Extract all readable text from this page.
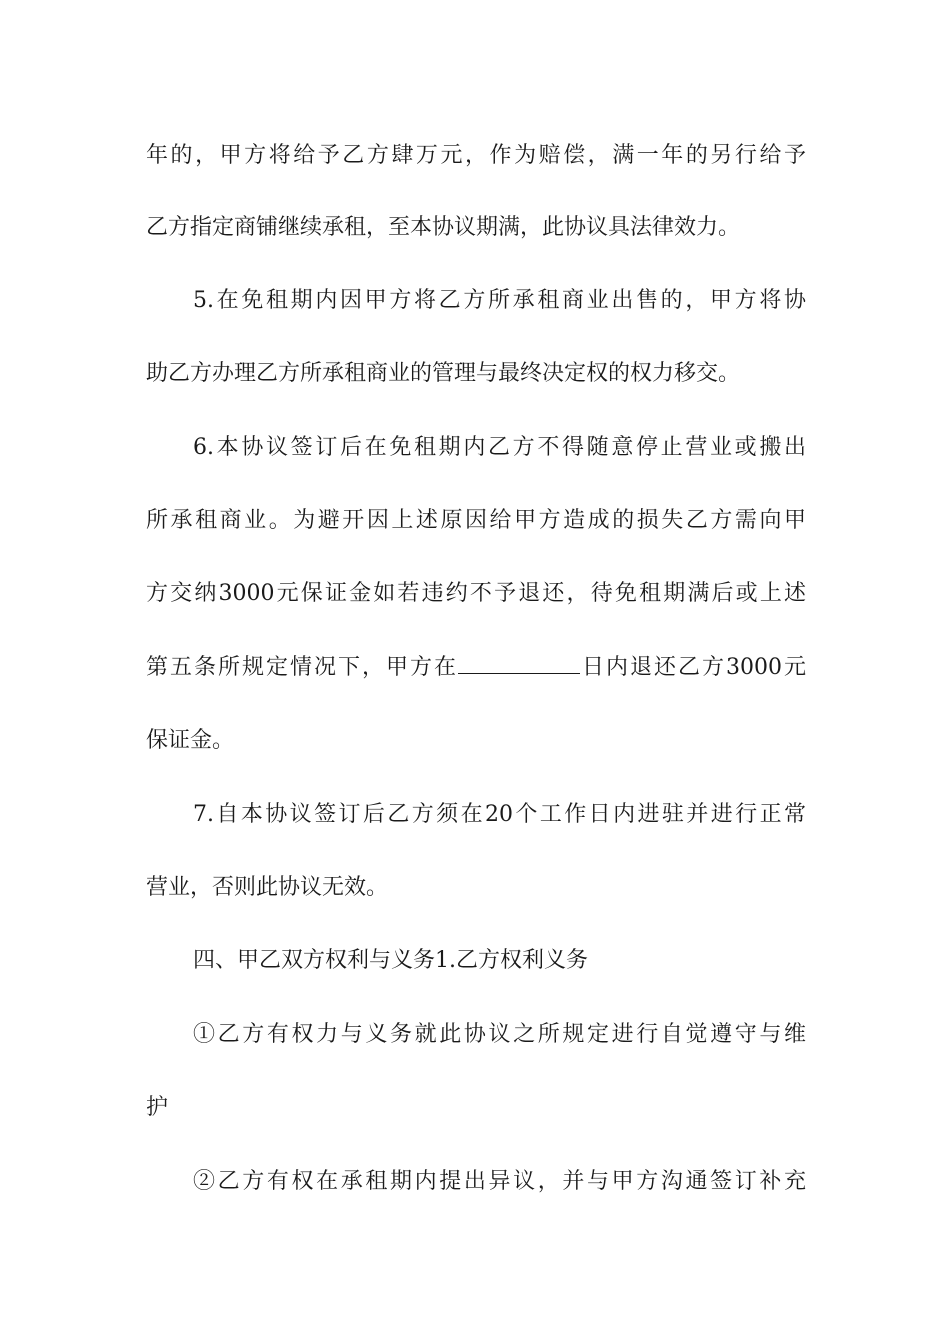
年的，甲方将给予乙方肆万元，作为赔偿，满一年的另行给予
乙方指定商铺继续承租，至本协议期满，此协议具法律效力。
5.在免租期内因甲方将乙方所承租商业出售的，甲方将协
助乙方办理乙方所承租商业的管理与最终决定权的权力移交。
6.本协议签订后在免租期内乙方不得随意停止营业或搬出
所承租商业。为避开因上述原因给甲方造成的损失乙方需向甲
方交纳3000元保证金如若违约不予退还，待免租期满后或上述
第五条所规定情况下，甲方在	日内退还乙方3000元
保证金。
7.自本协议签订后乙方须在20个工作日内进驻并进行正常
营业，否则此协议无效。
四、甲乙双方权利与义务1.乙方权利义务
①乙方有权力与义务就此协议之所规定进行自觉遵守与维
护
②乙方有权在承租期内提出异议，并与甲方沟通签订补充
